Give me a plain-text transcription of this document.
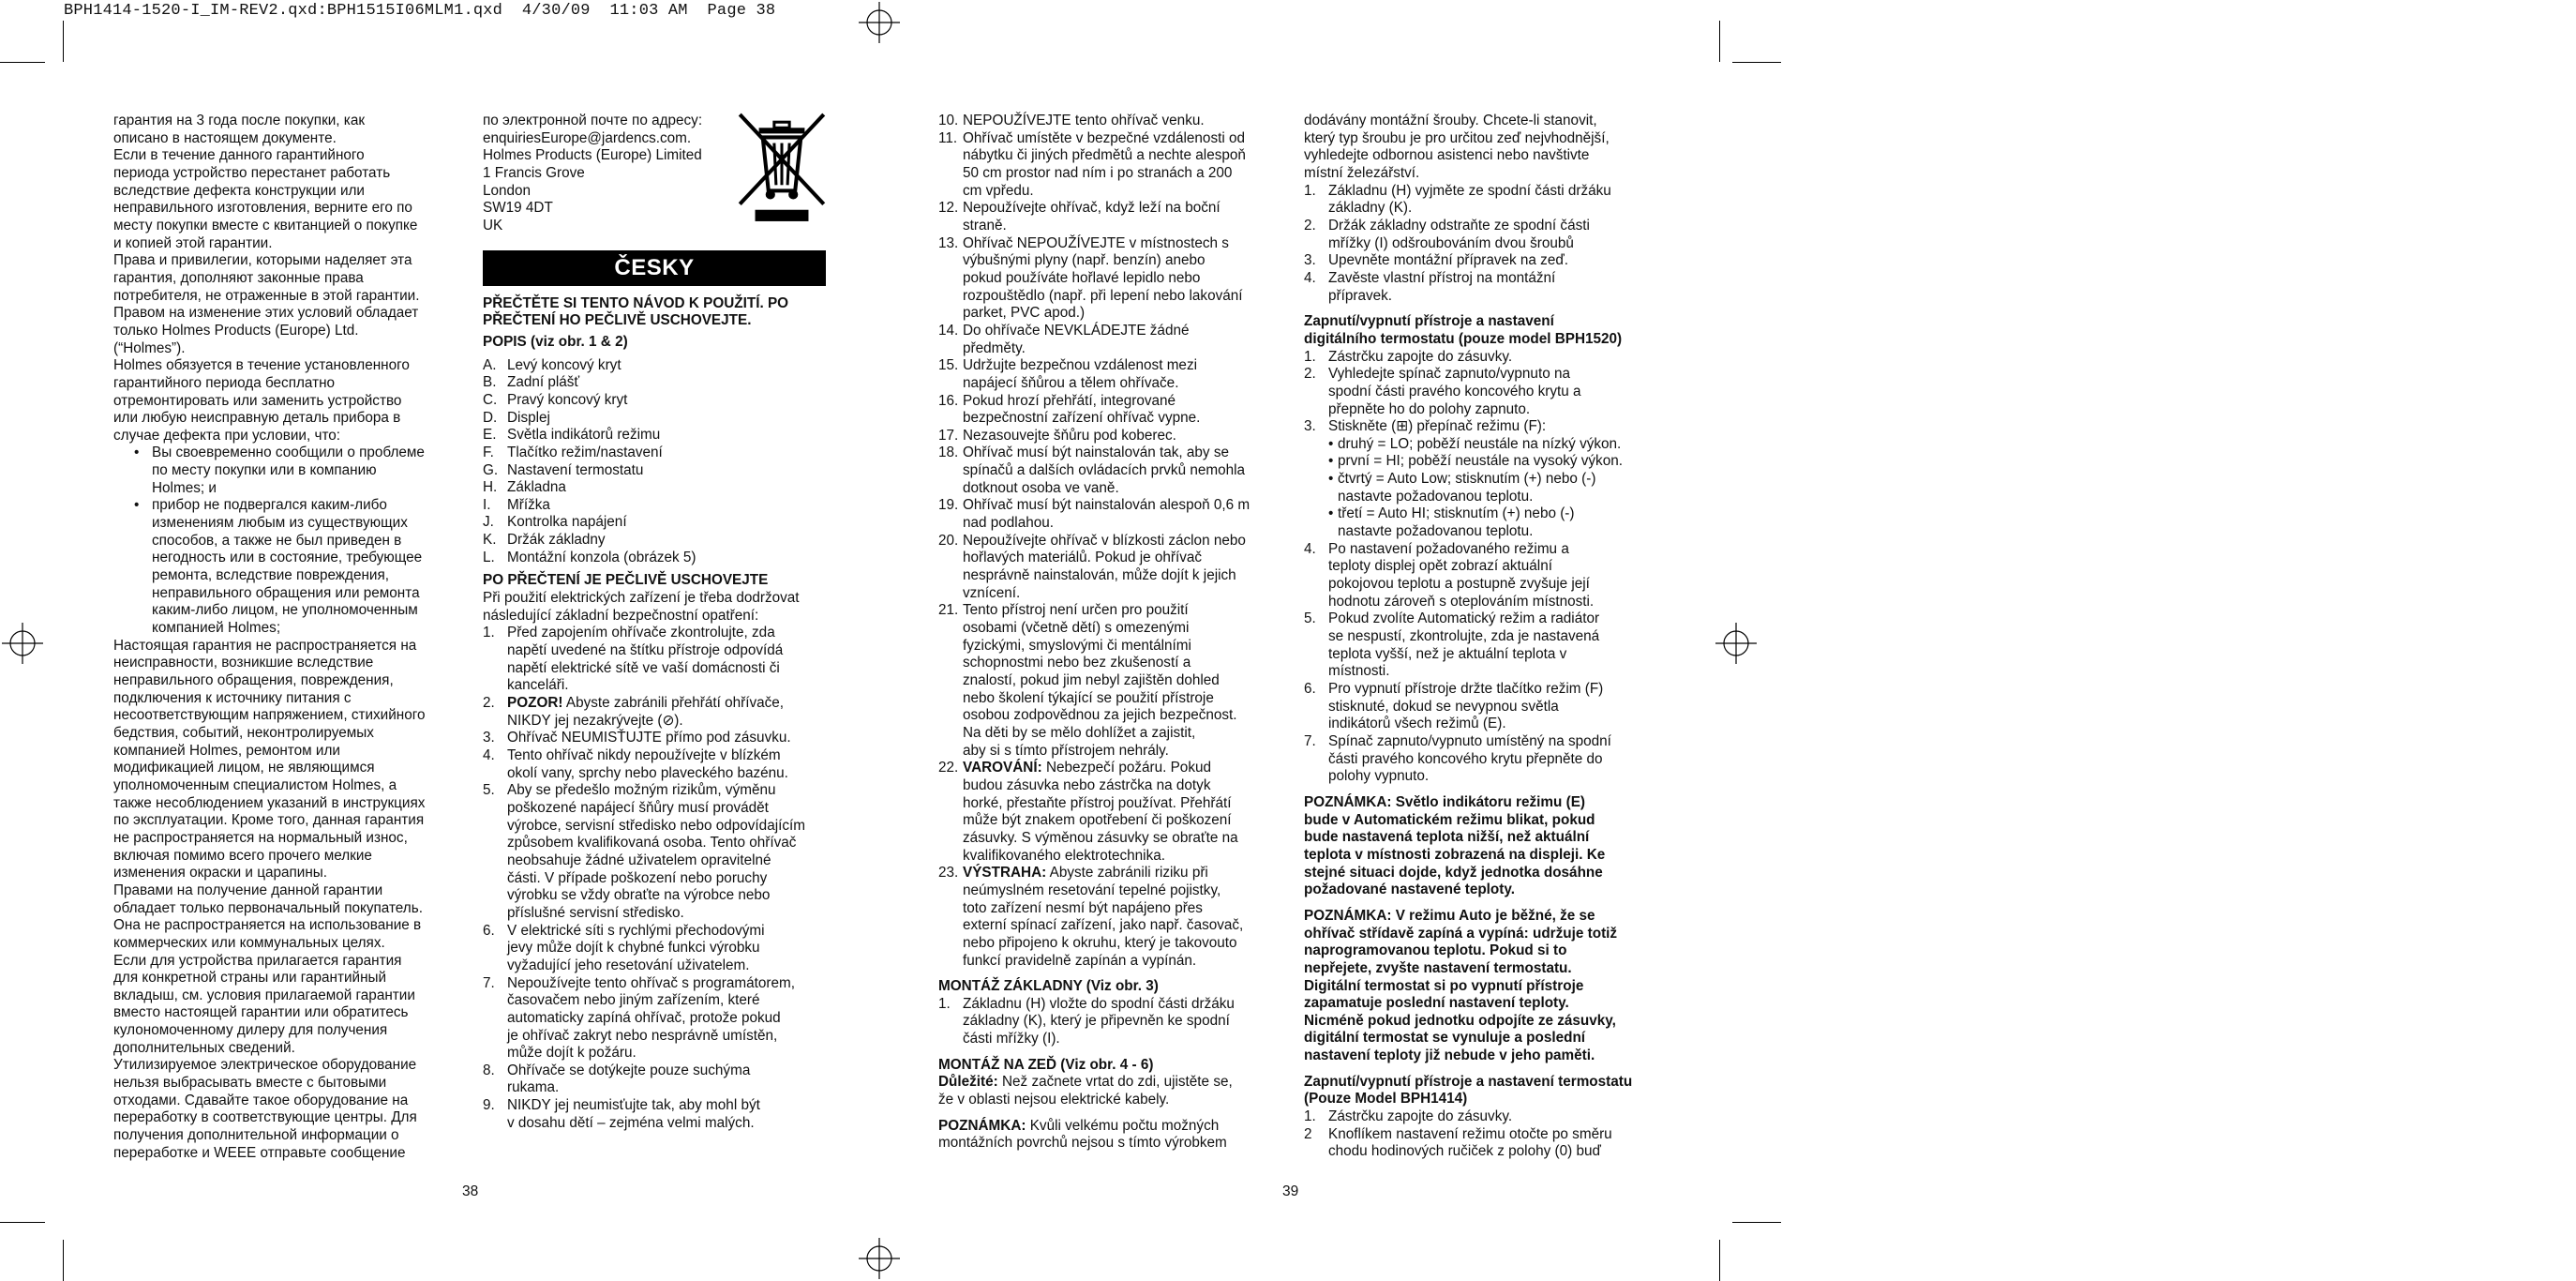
BPH1414-1520-I_IM-REV2.qxd:BPH1515I06MLM1.qxd  4/30/09  11:03 AM  Page 38

гарантия на 3 года после покупки, как
описано в настоящем документе.
Если в течение данного гарантийного
периода устройство перестанет работать
вследствие дефекта конструкции или
неправильного изготовления, верните его по
месту покупки вместе с квитанцией о покупке
и копией этой гарантии.

Права и привилегии, которыми наделяет эта
гарантия, дополняют законные права
потребителя, не отраженные в этой гарантии.
Правом на изменение этих условий обладает
только Holmes Products (Europe) Ltd.
(“Holmes”).

Holmes обязуется в течение установленного
гарантийного периода бесплатно
отремонтировать или заменить устройство
или любую неисправную деталь прибора в
случае дефекта при условии, что:

• Вы своевременно сообщили о проблеме
по месту покупки или в компанию
Holmes; и
• прибор не подвергался каким-либо
изменениям любым из существующих
способов, а также не был приведен в
негодность или в состояние, требующее
ремонта, вследствие повреждения,
неправильного обращения или ремонта
каким-либо лицом, не уполномоченным
компанией Holmes;

Настоящая гарантия не распространяется на
неисправности, возникшие вследствие
неправильного обращения, повреждения,
подключения к источнику питания с
несоответствующим напряжением, стихийного
бедствия, событий, неконтролируемых
компанией Holmes, ремонтом или
модификацией лицом, не являющимся
уполномоченным специалистом Holmes, а
также несоблюдением указаний в инструкциях
по эксплуатации. Кроме того, данная гарантия
не распространяется на нормальный износ,
включая помимо всего прочего мелкие
изменения окраски и царапины.

Правами на получение данной гарантии
обладает только первоначальный покупатель.
Она не распространяется на использование в
коммерческих или коммунальных целях.

Если для устройства прилагается гарантия
для конкретной страны или гарантийный
вкладыш, см. условия прилагаемой гарантии
вместо настоящей гарантии или обратитесь
кулономоченному дилеру для получения
дополнительных сведений.

Утилизируемое электрическое оборудование
нельзя выбрасывать вместе с бытовыми
отходами. Сдавайте такое оборудование на
переработку в соответствующие центры. Для
получения дополнительной информации о
переработке и WEEE отправьте сообщение

по электронной почте по адресу:
enquiriesEurope@jardencs.com.
Holmes Products (Europe) Limited
1 Francis Grove
London
SW19 4DT
UK

ČESKY

PŘEČTĚTE SI TENTO NÁVOD K POUŽITÍ. PO
PŘEČTENÍ HO PEČLIVĚ USCHOVEJTE.

POPIS (viz obr. 1 & 2)

A. Levý koncový kryt
B. Zadní plášť
C. Pravý koncový kryt
D. Displej
E. Světla indikátorů režimu
F. Tlačítko režim/nastavení
G. Nastavení termostatu
H. Základna
I.	Mřížka
J. Kontrolka napájení
K. Držák základny
L. Montážní konzola (obrázek 5)

PO PŘEČTENÍ JE PEČLIVĚ USCHOVEJTE

Při použití elektrických zařízení je třeba dodržovat
následující základní bezpečnostní opatření:

1. Před zapojením ohřívače zkontrolujte, zda
napětí uvedené na štítku přístroje odpovídá
napětí elektrické sítě ve vaší domácnosti či
kanceláři.
2. POZOR! Abyste zabránili přehřátí ohřívače,
NIKDY jej nezakrývejte (⊘).
3. Ohřívač NEUMISŤUJTE přímo pod zásuvku.
4. Tento ohřívač nikdy nepoužívejte v blízkém
okolí vany, sprchy nebo plaveckého bazénu.
5. Aby se předešlo možným rizikům, výměnu
poškozené napájecí šňůry musí provádět
výrobce, servisní středisko nebo odpovídajícím
způsobem kvalifikovaná osoba. Tento ohřívač
neobsahuje žádné uživatelem opravitelné
části. V případe poškození nebo poruchy
výrobku se vždy obraťte na výrobce nebo
příslušné servisní středisko.
6. V elektrické síti s rychlými přechodovými
jevy může dojít k chybné funkci výrobku
vyžadující jeho resetování uživatelem.
7. Nepoužívejte tento ohřívač s programátorem,
časovačem nebo jiným zařízením, které
automaticky zapíná ohřívač, protože pokud
je ohřívač zakryt nebo nesprávně umístěn,
může dojít k požáru.
8. Ohřívače se dotýkejte pouze suchýma
rukama.
9. NIKDY jej neumisťujte tak, aby mohl být
v dosahu dětí – zejména velmi malých.
10. NEPOUŽÍVEJTE tento ohřívač venku.
11. Ohřívač umístěte v bezpečné vzdálenosti od
nábytku či jiných předmětů a nechte alespoň
50 cm prostor nad ním i po stranách a 200
cm vpředu.
12. Nepoužívejte ohřívač, když leží na boční
straně.
13. Ohřívač NEPOUŽÍVEJTE v místnostech s
výbušnými plyny (např. benzín) anebo
pokud používáte hořlavé lepidlo nebo
rozpouštědlo (např. při lepení nebo lakování
parket, PVC apod.)
14. Do ohřívače NEVKLÁDEJTE žádné
předměty.
15. Udržujte bezpečnou vzdálenost mezi
napájecí šňůrou a tělem ohřívače.
16. Pokud hrozí přehřátí, integrované
bezpečnostní zařízení ohřívač vypne.
17. Nezasouvejte šňůru pod koberec.
18. Ohřívač musí být nainstalován tak, aby se
spínačů a dalších ovládacích prvků nemohla
dotknout osoba ve vaně.
19. Ohřívač musí být nainstalován alespoň 0,6 m
nad podlahou.
20. Nepoužívejte ohřívač v blízkosti záclon nebo
hořlavých materiálů. Pokud je ohřívač
nesprávně nainstalován, může dojít k jejich
vznícení.
21. Tento přístroj není určen pro použití
osobami (včetně dětí) s omezenými
fyzickými, smyslovými či mentálními
schopnostmi nebo bez zkušeností a
znalostí, pokud jim nebyl zajištěn dohled
nebo školení týkající se použití přístroje
osobou zodpovědnou za jejich bezpečnost.
Na děti by se mělo dohlížet a zajistit,
aby si s tímto přístrojem nehrály.
22. VAROVÁNÍ: Nebezpečí požáru. Pokud
budou zásuvka nebo zástrčka na dotyk
horké, přestaňte přístroj používat. Přehřátí
může být znakem opotřebení či poškození
zásuvky. S výměnou zásuvky se obraťte na
kvalifikovaného elektrotechnika.
23. VÝSTRAHA: Abyste zabránili riziku při
neúmyslném resetování tepelné pojistky,
toto zařízení nesmí být napájeno přes
externí spínací zařízení, jako např. časovač,
nebo připojeno k okruhu, který je takovouto
funkcí pravidelně zapínán a vypínán.

MONTÁŽ ZÁKLADNY (Viz obr. 3)

1. Základnu (H) vložte do spodní části držáku
základny (K), který je připevněn ke spodní
části mřížky (I).

MONTÁŽ NA ZEĎ (Viz obr. 4 - 6)

Důležité: Než začnete vrtat do zdi, ujistěte se,
že v oblasti nejsou elektrické kabely.

POZNÁMKA: Kvůli velkému počtu možných
montážních povrchů nejsou s tímto výrobkem

dodávány montážní šrouby. Chcete-li stanovit,
který typ šroubu je pro určitou zeď nejvhodnější,
vyhledejte odbornou asistenci nebo navštivte
místní železářství.

1. Základnu (H) vyjměte ze spodní části držáku
základny (K).
2. Držák základny odstraňte ze spodní části
mřížky (I) odšroubováním dvou šroubů
3. Upevněte montážní přípravek na zeď.
4. Zavěste vlastní přístroj na montážní
přípravek.

Zapnutí/vypnutí přístroje a nastavení
digitálního termostatu (pouze model BPH1520)

1. Zástrčku zapojte do zásuvky.
2. Vyhledejte spínač zapnuto/vypnuto na
spodní části pravého koncového krytu a
přepněte ho do polohy zapnuto.
3. Stiskněte (⊞) přepínač režimu (F):
• druhý = LO; poběží neustále na nízký výkon.
• první = HI; poběží neustále na vysoký výkon.
• čtvrtý = Auto Low; stisknutím (+) nebo (-)
nastavte požadovanou teplotu.
• třetí = Auto HI; stisknutím (+) nebo (-)
nastavte požadovanou teplotu.
4. Po nastavení požadovaného režimu a
teploty displej opět zobrazí aktuální
pokojovou teplotu a postupně zvyšuje její
hodnotu zároveň s oteplováním místnosti.
5. Pokud zvolíte Automatický režim a radiátor
se nespustí, zkontrolujte, zda je nastavená
teplota vyšší, než je aktuální teplota v
místnosti.
6. Pro vypnutí přístroje držte tlačítko režim (F)
stisknuté, dokud se nevypnou světla
indikátorů všech režimů (E).
7. Spínač zapnuto/vypnuto umístěný na spodní
části pravého koncového krytu přepněte do
polohy vypnuto.

POZNÁMKA: Světlo indikátoru režimu (E)
bude v Automatickém režimu blikat, pokud
bude nastavená teplota nižší, než aktuální
teplota v místnosti zobrazená na displeji. Ke
stejné situaci dojde, když jednotka dosáhne
požadované nastavené teploty.

POZNÁMKA: V režimu Auto je běžné, že se
ohřívač střídavě zapíná a vypíná: udržuje totiž
naprogramovanou teplotu. Pokud si to
nepřejete, zvyšte nastavení termostatu.
Digitální termostat si po vypnutí přístroje
zapamatuje poslední nastavení teploty.
Nicméně pokud jednotku odpojíte ze zásuvky,
digitální termostat se vynuluje a poslední
nastavení teploty již nebude v jeho paměti.

Zapnutí/vypnutí přístroje a nastavení termostatu
(Pouze Model BPH1414)

1. Zástrčku zapojte do zásuvky.
2	Knoflíkem nastavení režimu otočte po směru
chodu hodinových ručiček z polohy (0) buď
38	39
